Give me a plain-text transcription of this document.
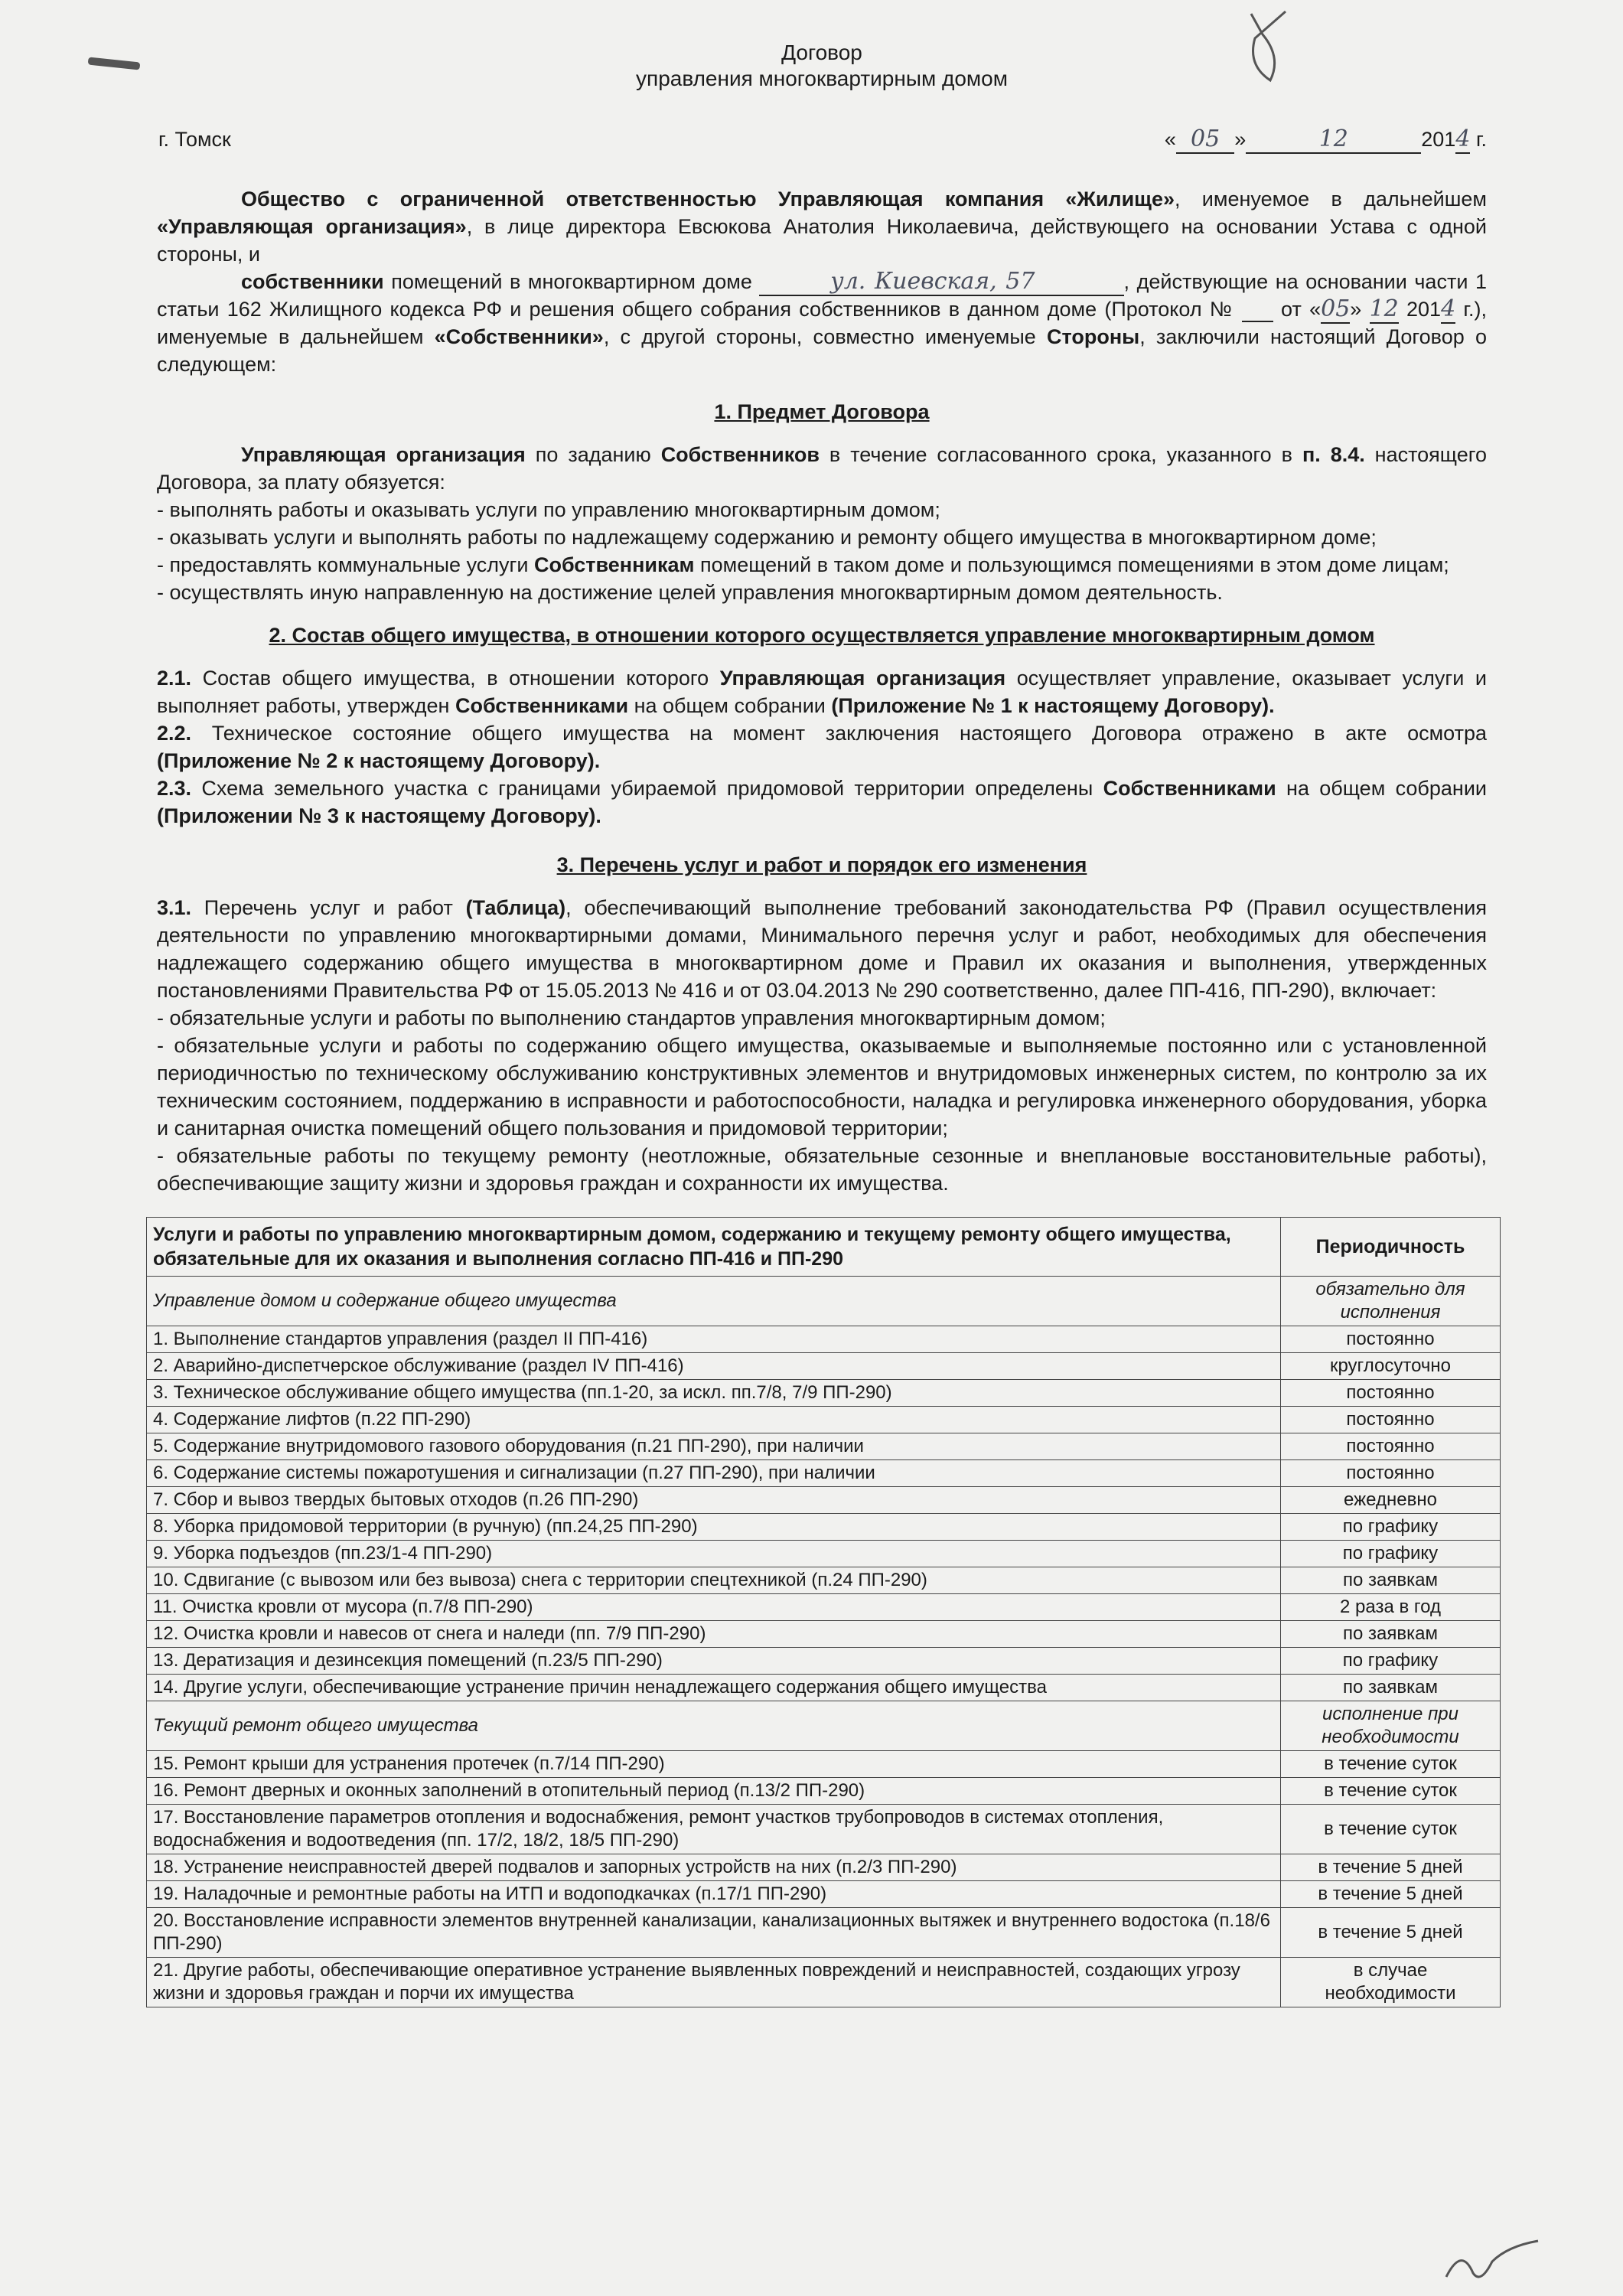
Договор
управления многоквартирным домом
г. Томск	« 05 »	12	2014 г.

Общество с ограниченной ответственностью Управляющая компания «Жилище», именуемое в дальнейшем «Управляющая организация», в лице директора Евсюкова Анатолия Николаевича, действующего на основании Устава с одной стороны, и

собственники помещений в многоквартирном доме	ул. Киевская, 57	, действующие на основании части 1 статьи 162 Жилищного кодекса РФ и решения общего собрания собственников в данном доме (Протокол №      от «05» 12 2014 г.), именуемые в дальнейшем «Собственники», с другой стороны, совместно именуемые Стороны, заключили настоящий Договор о следующем:

1. Предмет Договора

Управляющая организация по заданию Собственников в течение согласованного срока, указанного в п. 8.4. настоящего Договора, за плату обязуется:

- выполнять работы и оказывать услуги по управлению многоквартирным домом;

- оказывать услуги и выполнять работы по надлежащему содержанию и ремонту общего имущества в многоквартирном доме;

- предоставлять коммунальные услуги Собственникам помещений в таком доме и пользующимся помещениями в этом доме лицам;

- осуществлять иную направленную на достижение целей управления многоквартирным домом деятельность.

2. Состав общего имущества, в отношении которого осуществляется управление многоквартирным домом

2.1. Состав общего имущества, в отношении которого Управляющая организация осуществляет управление, оказывает услуги и выполняет работы, утвержден Собственниками на общем собрании (Приложение № 1 к настоящему Договору).

2.2. Техническое состояние общего имущества на момент заключения настоящего Договора отражено в акте осмотра (Приложение № 2 к настоящему Договору).

2.3. Схема земельного участка с границами убираемой придомовой территории определены Собственниками на общем собрании (Приложении № 3 к настоящему Договору).

3. Перечень услуг и работ и порядок его изменения

3.1. Перечень услуг и работ (Таблица), обеспечивающий выполнение требований законодательства РФ (Правил осуществления деятельности по управлению многоквартирными домами, Минимального перечня услуг и работ, необходимых для обеспечения надлежащего содержанию общего имущества в многоквартирном доме и Правил их оказания и выполнения, утвержденных постановлениями Правительства РФ от 15.05.2013 № 416 и от 03.04.2013 № 290 соответственно, далее ПП-416, ПП-290), включает:

- обязательные услуги и работы по выполнению стандартов управления многоквартирным домом;

- обязательные услуги и работы по содержанию общего имущества, оказываемые и выполняемые постоянно или с установленной периодичностью по техническому обслуживанию конструктивных элементов и внутридомовых инженерных систем, по контролю за их техническим состоянием, поддержанию в исправности и работоспособности, наладка и регулировка инженерного оборудования, уборка и санитарная очистка помещений общего пользования и придомовой территории;

- обязательные работы по текущему ремонту (неотложные, обязательные сезонные и внеплановые восстановительные работы), обеспечивающие защиту жизни и здоровья граждан и сохранности их имущества.

Услуги и работы по управлению многоквартирным домом, содержанию и текущему ремонту общего имущества, обязательные для их оказания и выполнения согласно ПП-416 и ПП-290	Периодичность
Управление домом и содержание общего имущества	обязательно для исполнения
1. Выполнение стандартов управления (раздел II ПП-416)	постоянно
2. Аварийно-диспетчерское обслуживание (раздел IV ПП-416)	круглосуточно
3. Техническое обслуживание общего имущества (пп.1-20, за искл. пп.7/8, 7/9 ПП-290)	постоянно
4. Содержание лифтов (п.22 ПП-290)	постоянно
5. Содержание внутридомового газового оборудования (п.21 ПП-290), при наличии	постоянно
6. Содержание системы пожаротушения и сигнализации (п.27 ПП-290), при наличии	постоянно
7. Сбор и вывоз твердых бытовых отходов (п.26 ПП-290)	ежедневно
8. Уборка придомовой территории (в ручную) (пп.24,25 ПП-290)	по графику
9. Уборка подъездов (пп.23/1-4 ПП-290)	по графику
10. Сдвигание (с вывозом или без вывоза) снега с территории спецтехникой (п.24 ПП-290)	по заявкам
11. Очистка кровли от мусора (п.7/8 ПП-290)	2 раза в год
12. Очистка кровли и навесов от снега и наледи (пп. 7/9 ПП-290)	по заявкам
13. Дератизация и дезинсекция помещений (п.23/5 ПП-290)	по графику
14. Другие услуги, обеспечивающие устранение причин ненадлежащего содержания общего имущества	по заявкам
Текущий ремонт общего имущества	исполнение при необходимости
15. Ремонт крыши для устранения протечек (п.7/14 ПП-290)	в течение суток
16. Ремонт дверных и оконных заполнений в отопительный период (п.13/2 ПП-290)	в течение суток
17. Восстановление параметров отопления и водоснабжения, ремонт участков трубопроводов в системах отопления, водоснабжения и водоотведения (пп. 17/2, 18/2, 18/5 ПП-290)	в течение суток
18. Устранение неисправностей дверей подвалов и запорных устройств на них (п.2/3 ПП-290)	в течение 5 дней
19. Наладочные и ремонтные работы на ИТП и водоподкачках (п.17/1 ПП-290)	в течение 5 дней
20. Восстановление исправности элементов внутренней канализации, канализационных вытяжек и внутреннего водостока (п.18/6 ПП-290)	в течение 5 дней
21. Другие работы, обеспечивающие оперативное устранение выявленных повреждений и неисправностей, создающих угрозу жизни и здоровья граждан и порчи их имущества	в случае необходимости
